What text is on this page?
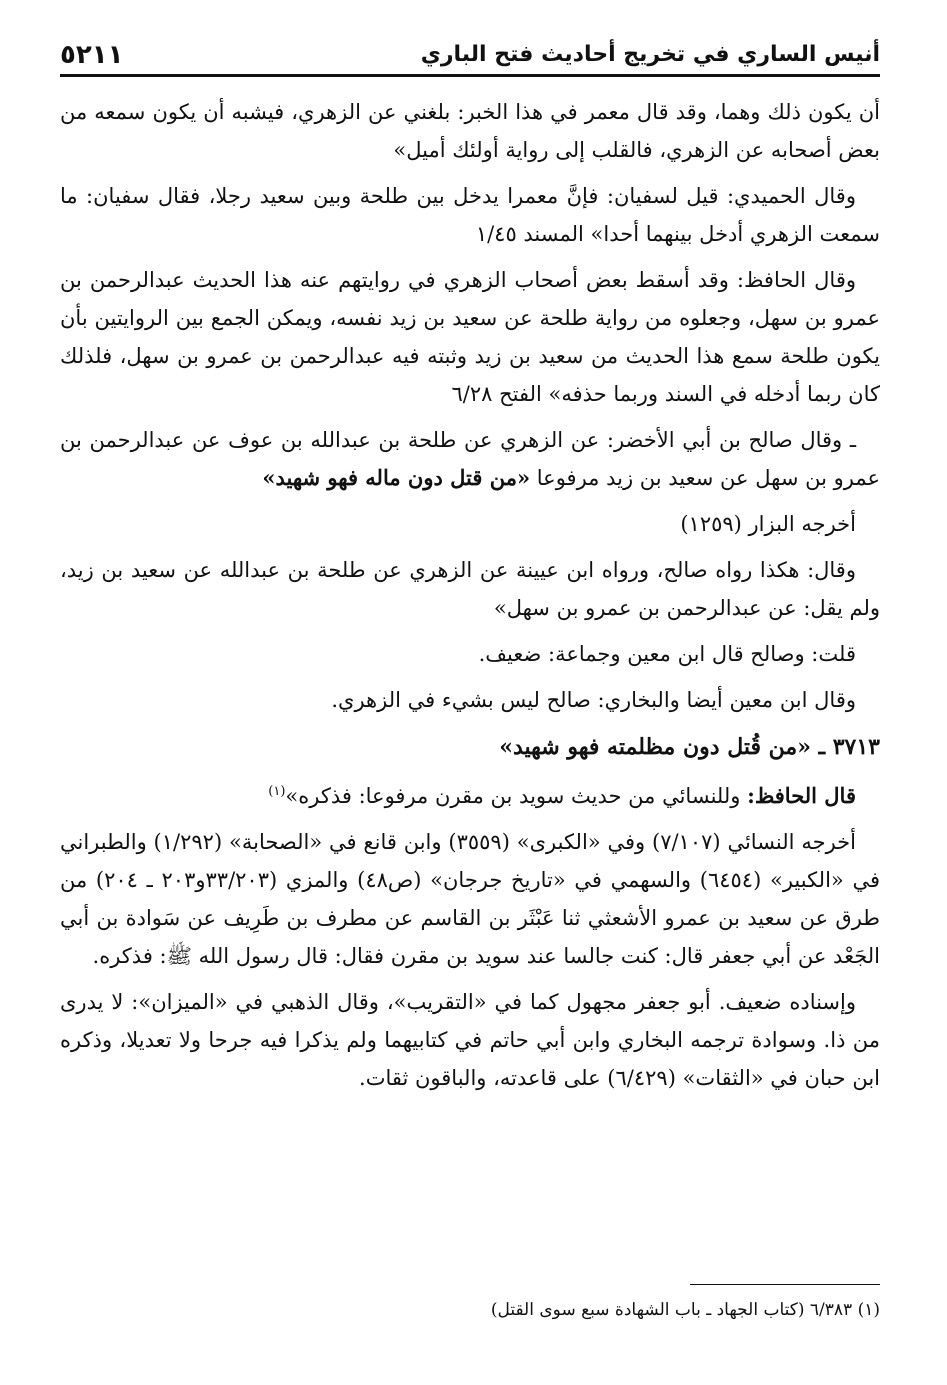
أنيس الساري في تخريج أحاديث فتح الباري
٥٢١١

أن يكون ذلك وهما، وقد قال معمر في هذا الخبر: بلغني عن الزهري، فيشبه أن يكون سمعه من بعض أصحابه عن الزهري، فالقلب إلى رواية أولئك أميل»

وقال الحميدي: قيل لسفيان: فإنَّ معمرا يدخل بين طلحة وبين سعيد رجلا، فقال سفيان: ما سمعت الزهري أدخل بينهما أحدا» المسند ١/٤٥

وقال الحافظ: وقد أسقط بعض أصحاب الزهري في روايتهم عنه هذا الحديث عبدالرحمن بن عمرو بن سهل، وجعلوه من رواية طلحة عن سعيد بن زيد نفسه، ويمكن الجمع بين الروايتين بأن يكون طلحة سمع هذا الحديث من سعيد بن زيد وثبته فيه عبدالرحمن بن عمرو بن سهل، فلذلك كان ربما أدخله في السند وربما حذفه» الفتح ٦/٢٨

ـ وقال صالح بن أبي الأخضر: عن الزهري عن طلحة بن عبدالله بن عوف عن عبدالرحمن بن عمرو بن سهل عن سعيد بن زيد مرفوعا «من قتل دون ماله فهو شهيد»

أخرجه البزار (١٢٥٩)

وقال: هكذا رواه صالح، ورواه ابن عيينة عن الزهري عن طلحة بن عبدالله عن سعيد بن زيد، ولم يقل: عن عبدالرحمن بن عمرو بن سهل»

قلت: وصالح قال ابن معين وجماعة: ضعيف.

وقال ابن معين أيضا والبخاري: صالح ليس بشيء في الزهري.

٣٧١٣ ـ «من قُتل دون مظلمته فهو شهيد»

قال الحافظ: وللنسائي من حديث سويد بن مقرن مرفوعا: فذكره»$^{(١)}$

أخرجه النسائي (٧/١٠٧) وفي «الكبرى» (٣٥٥٩) وابن قانع في «الصحابة» (١/٢٩٢) والطبراني في «الكبير» (٦٤٥٤) والسهمي في «تاريخ جرجان» (ص٤٨) والمزي (٣٣/٢٠٣و٢٠٣ ـ ٢٠٤) من طرق عن سعيد بن عمرو الأشعثي ثنا عَبْثَر بن القاسم عن مطرف بن طَرِيف عن سَوادة بن أبي الجَعْد عن أبي جعفر قال: كنت جالسا عند سويد بن مقرن فقال: قال رسول الله ﷺ: فذكره.

وإسناده ضعيف. أبو جعفر مجهول كما في «التقريب»، وقال الذهبي في «الميزان»: لا يدرى من ذا. وسوادة ترجمه البخاري وابن أبي حاتم في كتابيهما ولم يذكرا فيه جرحا ولا تعديلا، وذكره ابن حبان في «الثقات» (٦/٤٢٩) على قاعدته، والباقون ثقات.

(١) ٦/٣٨٣ (كتاب الجهاد ـ باب الشهادة سبع سوى القتل)
